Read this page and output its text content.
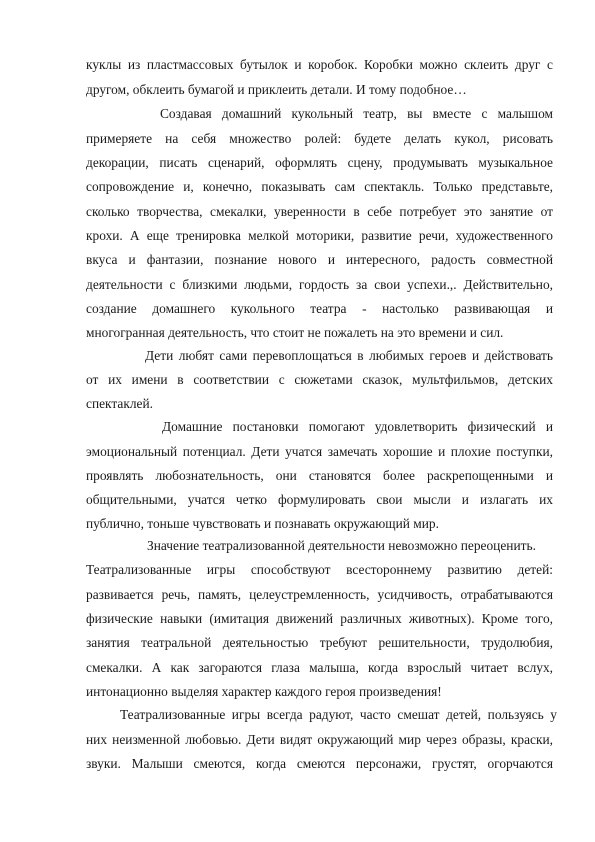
куклы из пластмассовых бутылок и коробок. Коробки можно склеить друг с
другом, обклеить бумагой и приклеить детали. И тому подобное…
Создавая домашний кукольный театр, вы вместе с малышом
примеряете на себя множество ролей: будете делать кукол, рисовать
декорации, писать сценарий, оформлять сцену, продумывать музыкальное
сопровождение и, конечно, показывать сам спектакль. Только представьте,
сколько творчества, смекалки, уверенности в себе потребует это занятие от
крохи. А еще тренировка мелкой моторики, развитие речи, художественного
вкуса и фантазии, познание нового и интересного, радость совместной
деятельности с близкими людьми, гордость за свои успехи.,. Действительно,
создание домашнего кукольного театра - настолько развивающая и
многогранная деятельность, что стоит не пожалеть на это времени и сил.
Дети любят сами перевоплощаться в любимых героев и действовать
от их имени в соответствии с сюжетами сказок, мультфильмов, детских
спектаклей.
Домашние постановки помогают удовлетворить физический и
эмоциональный потенциал. Дети учатся замечать хорошие и плохие поступки,
проявлять любознательность, они становятся более раскрепощенными и
общительными, учатся четко формулировать свои мысли и излагать их
публично, тоньше чувствовать и познавать окружающий мир.
Значение театрализованной деятельности невозможно переоценить.
Театрализованные игры способствуют всестороннему развитию детей:
развивается речь, память, целеустремленность, усидчивость, отрабатываются
физические навыки (имитация движений различных животных). Кроме того,
занятия театральной деятельностью требуют решительности, трудолюбия,
смекалки. А как загораются глаза малыша, когда взрослый читает вслух,
интонационно выделяя характер каждого героя произведения!
Театрализованные игры всегда радуют, часто смешат детей, пользуясь у
них неизменной любовью. Дети видят окружающий мир через образы, краски,
звуки. Малыши смеются, когда смеются персонажи, грустят, огорчаются
